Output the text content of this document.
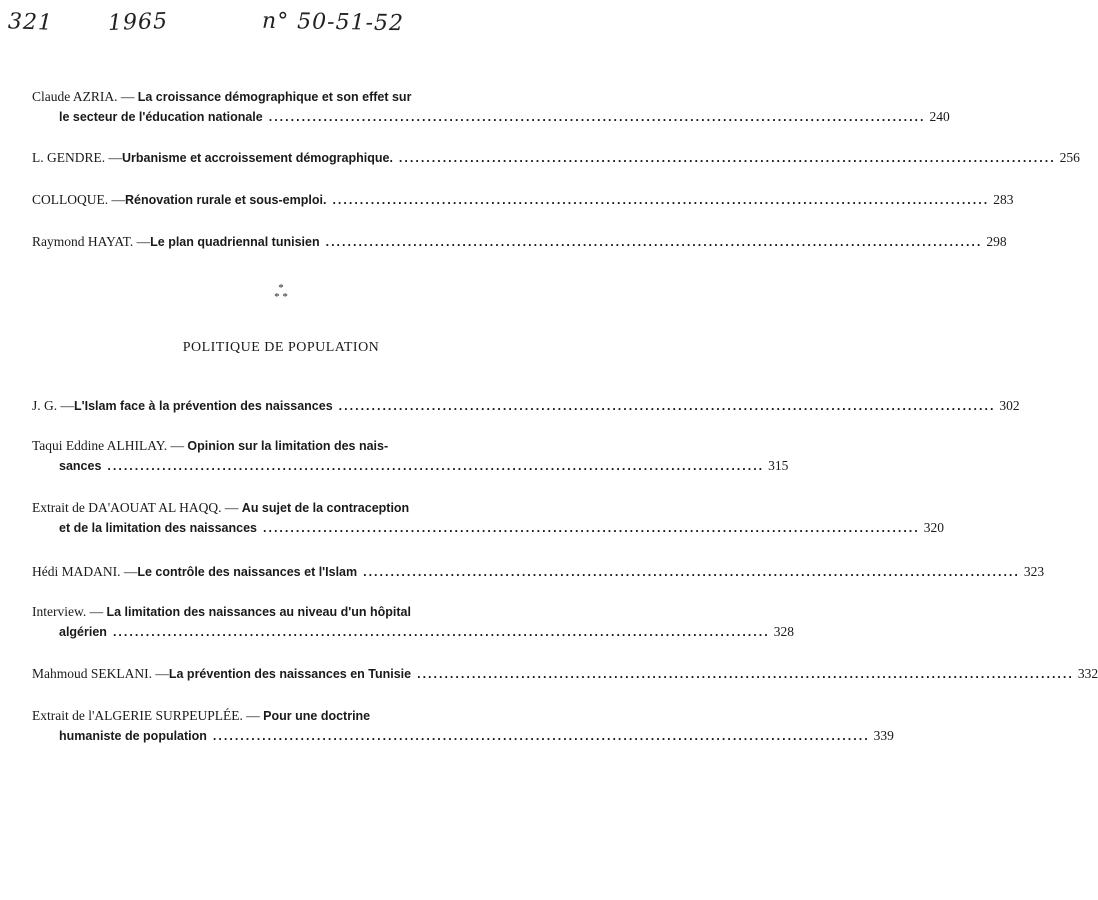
321 1965	n° 50-51-52
Claude AZRIA. — La croissance démographique et son effet sur
le secteur de l'éducation nationale ........................................................................................................................ 240
L. GENDRE. — Urbanisme et accroissement démographique. ........................................................................................................................ 256
COLLOQUE. — Rénovation rurale et sous-emploi. ........................................................................................................................ 283
Raymond HAYAT. — Le plan quadriennal tunisien ........................................................................................................................ 298
*
* *
POLITIQUE DE POPULATION
J. G. — L'Islam face à la prévention des naissances ........................................................................................................................ 302
Taqui Eddine ALHILAY. — Opinion sur la limitation des nais-
sances ........................................................................................................................ 315
Extrait de DA'AOUAT AL HAQQ. — Au sujet de la contraception
et de la limitation des naissances ........................................................................................................................ 320
Hédi MADANI. — Le contrôle des naissances et l'Islam ........................................................................................................................ 323
Interview. — La limitation des naissances au niveau d'un hôpital
algérien ........................................................................................................................ 328
Mahmoud SEKLANI. — La prévention des naissances en Tunisie ........................................................................................................................ 332
Extrait de l'ALGERIE SURPEUPLÉE. — Pour une doctrine
humaniste de population ........................................................................................................................ 339
